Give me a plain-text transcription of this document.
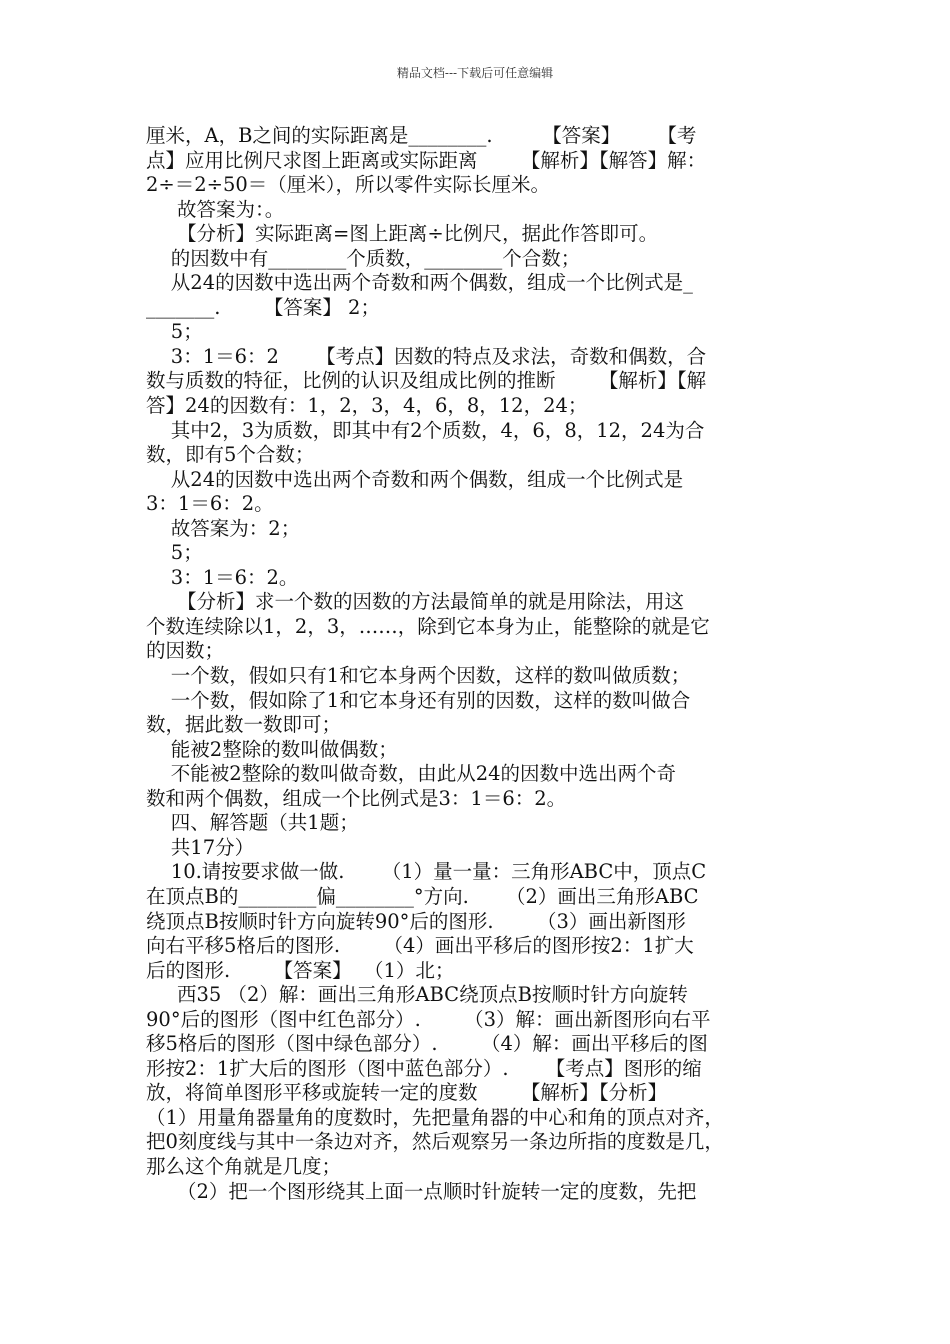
精品文档---下载后可任意编辑
厘米，A，B之间的实际距离是________.        【答案】      【考
点】应用比例尺求图上距离或实际距离       【解析】【解答】解：
2÷＝2÷50＝（厘米），所以零件实际长厘米。
故答案为：。
【分析】实际距离=图上距离÷比例尺，据此作答即可。
的因数中有________个质数，________个合数；
从24的因数中选出两个奇数和两个偶数，组成一个比例式是_
_______.       【答案】 2；
5；
3：1＝6：2      【考点】因数的特点及求法，奇数和偶数，合
数与质数的特征，比例的认识及组成比例的推断       【解析】【解
答】24的因数有：1，2，3，4，6，8，12，24；
其中2，3为质数，即其中有2个质数，4，6，8，12，24为合
数，即有5个合数；
从24的因数中选出两个奇数和两个偶数，组成一个比例式是
3：1＝6：2。
故答案为：2；
5；
3：1＝6：2。
【分析】求一个数的因数的方法最简单的就是用除法，用这
个数连续除以1，2，3，……，除到它本身为止，能整除的就是它
的因数；
一个数，假如只有1和它本身两个因数，这样的数叫做质数；
一个数，假如除了1和它本身还有别的因数，这样的数叫做合
数，据此数一数即可；
能被2整除的数叫做偶数；
不能被2整除的数叫做奇数，由此从24的因数中选出两个奇
数和两个偶数，组成一个比例式是3：1＝6：2。
四、解答题（共1题；
共17分）
10.请按要求做一做.      （1）量一量：三角形ABC中，顶点C
在顶点B的________偏________°方向.      （2）画出三角形ABC
绕顶点B按顺时针方向旋转90°后的图形.       （3）画出新图形
向右平移5格后的图形.       （4）画出平移后的图形按2：1扩大
后的图形.       【答案】  （1）北；
西35 （2）解：画出三角形ABC绕顶点B按顺时针方向旋转
90°后的图形（图中红色部分）.       （3）解：画出新图形向右平
移5格后的图形（图中绿色部分）.       （4）解：画出平移后的图
形按2：1扩大后的图形（图中蓝色部分）.      【考点】图形的缩
放，将简单图形平移或旋转一定的度数       【解析】【分析】
（1）用量角器量角的度数时，先把量角器的中心和角的顶点对齐，
把0刻度线与其中一条边对齐，然后观察另一条边所指的度数是几，
那么这个角就是几度；
（2）把一个图形绕其上面一点顺时针旋转一定的度数，先把
